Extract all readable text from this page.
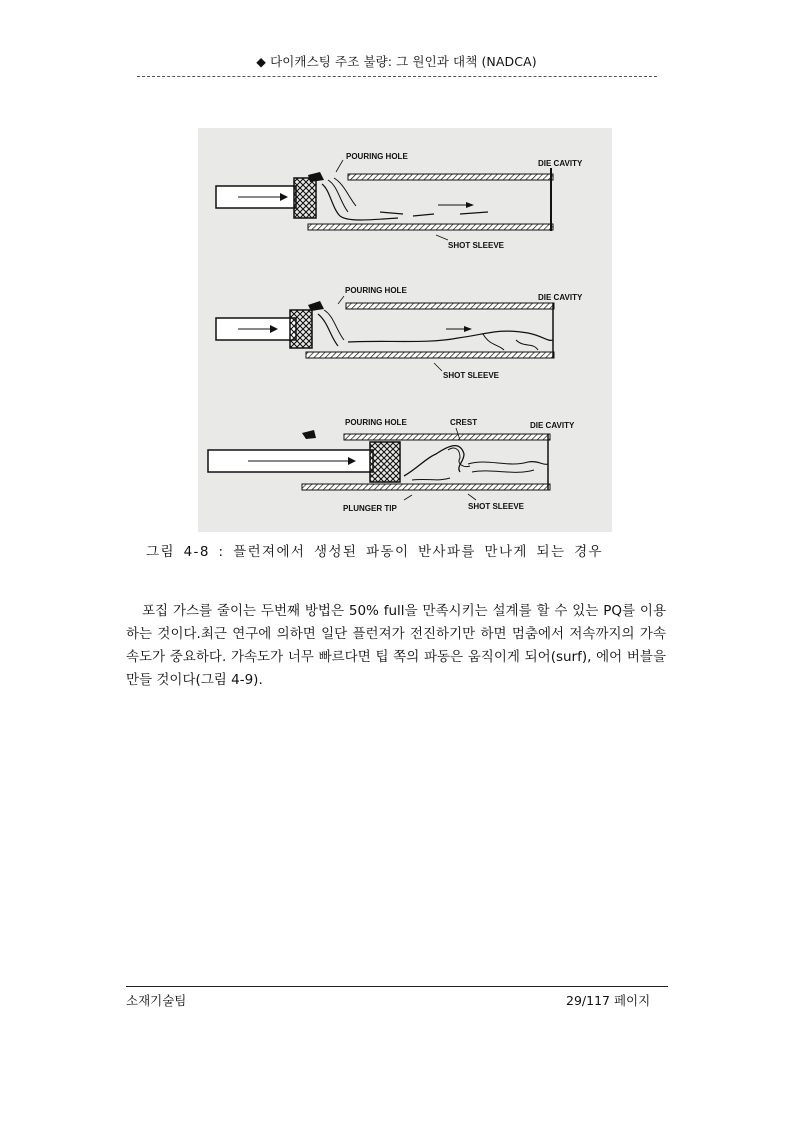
◆ 다이캐스팅 주조 불량: 그 원인과 대책 (NADCA)
POURING HOLE
DIE CAVITY
SHOT SLEEVE
POURING HOLE
DIE CAVITY
SHOT SLEEVE
POURING HOLE	CREST	DIE CAVITY
PLUNGER TIP	SHOT SLEEVE
그림 4-8 : 플런져에서 생성된 파동이 반사파를 만나게 되는 경우

포집 가스를 줄이는 두번째 방법은 50% full을 만족시키는 설계를 할 수 있는 PQ를 이용하는 것이다.최근 연구에 의하면 일단 플런져가 전진하기만 하면 멈춤에서 저속까지의 가속속도가 중요하다. 가속도가 너무 빠르다면 팁 쪽의 파동은 움직이게 되어(surf), 에어 버블을 만들 것이다(그림 4-9).

소재기술팀	29/117 페이지
